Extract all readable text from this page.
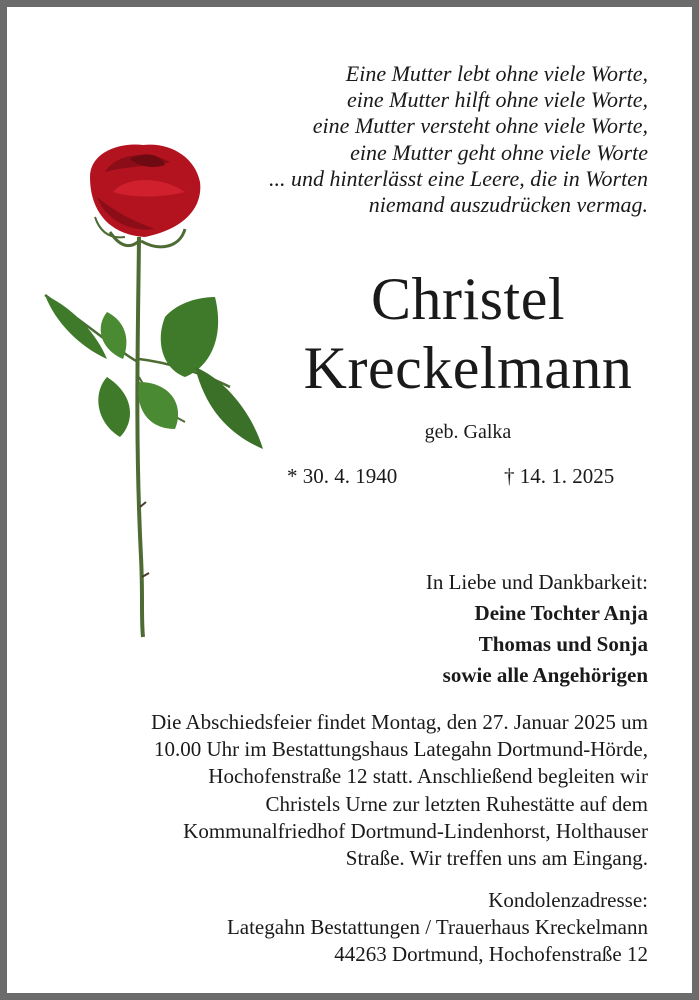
Eine Mutter lebt ohne viele Worte,
eine Mutter hilft ohne viele Worte,
eine Mutter versteht ohne viele Worte,
eine Mutter geht ohne viele Worte
... und hinterlässt eine Leere, die in Worten
niemand auszudrücken vermag.
Christel
Kreckelmann
geb. Galka
* 30. 4. 1940	† 14. 1. 2025
In Liebe und Dankbarkeit:
Deine Tochter Anja
Thomas und Sonja
sowie alle Angehörigen
Die Abschiedsfeier findet Montag, den 27. Januar 2025 um
10.00 Uhr im Bestattungshaus Lategahn Dortmund-Hörde,
Hochofenstraße 12 statt. Anschließend begleiten wir
Christels Urne zur letzten Ruhestätte auf dem
Kommunalfriedhof Dortmund-Lindenhorst, Holthauser
Straße. Wir treffen uns am Eingang.
Kondolenzadresse:
Lategahn Bestattungen / Trauerhaus Kreckelmann
44263 Dortmund, Hochofenstraße 12
